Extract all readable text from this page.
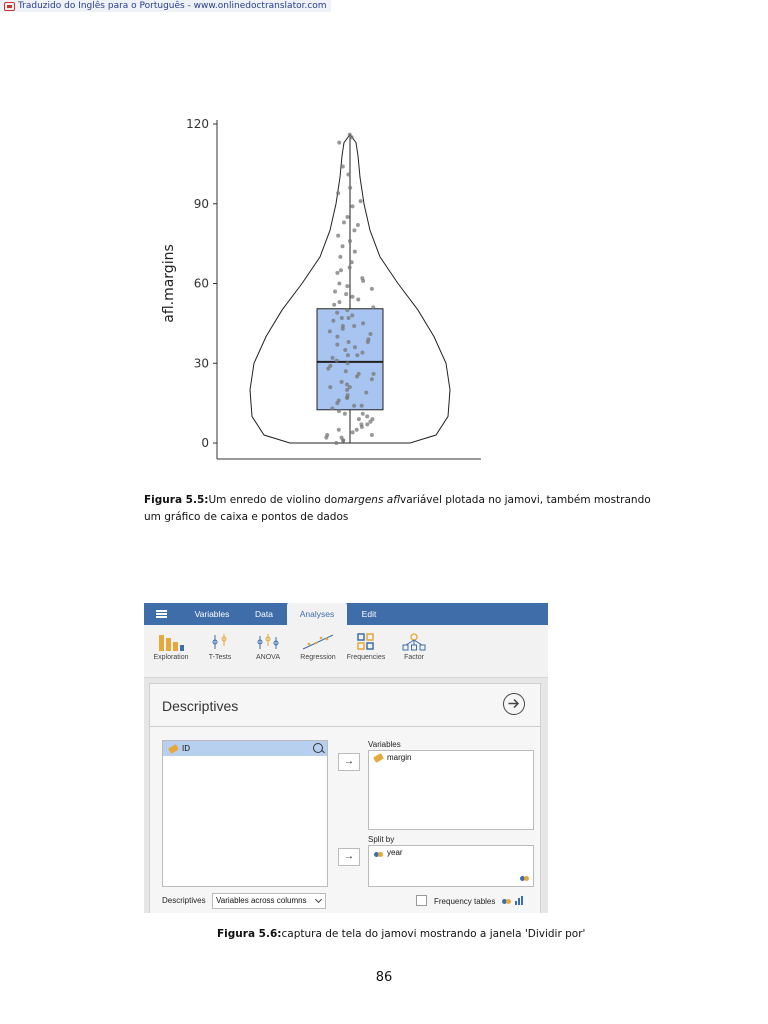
Traduzido do Inglês para o Português - www.onlinedoctranslator.com
0
30
60
90
120
afl.margins
Figura 5.5:Um enredo de violino domargens aflvariável plotada no jamovi, também mostrando um gráfico de caixa e pontos de dados
Variables	Data	Analyses	Edit
Exploration	T-Tests	ANOVA	Regression	Frequencies	Factor
Descriptives
ID
→
Variables
margin
→
Split by
year
Descriptives	Variables across columns	Frequency tables
Figura 5.6:captura de tela do jamovi mostrando a janela 'Dividir por'
86
